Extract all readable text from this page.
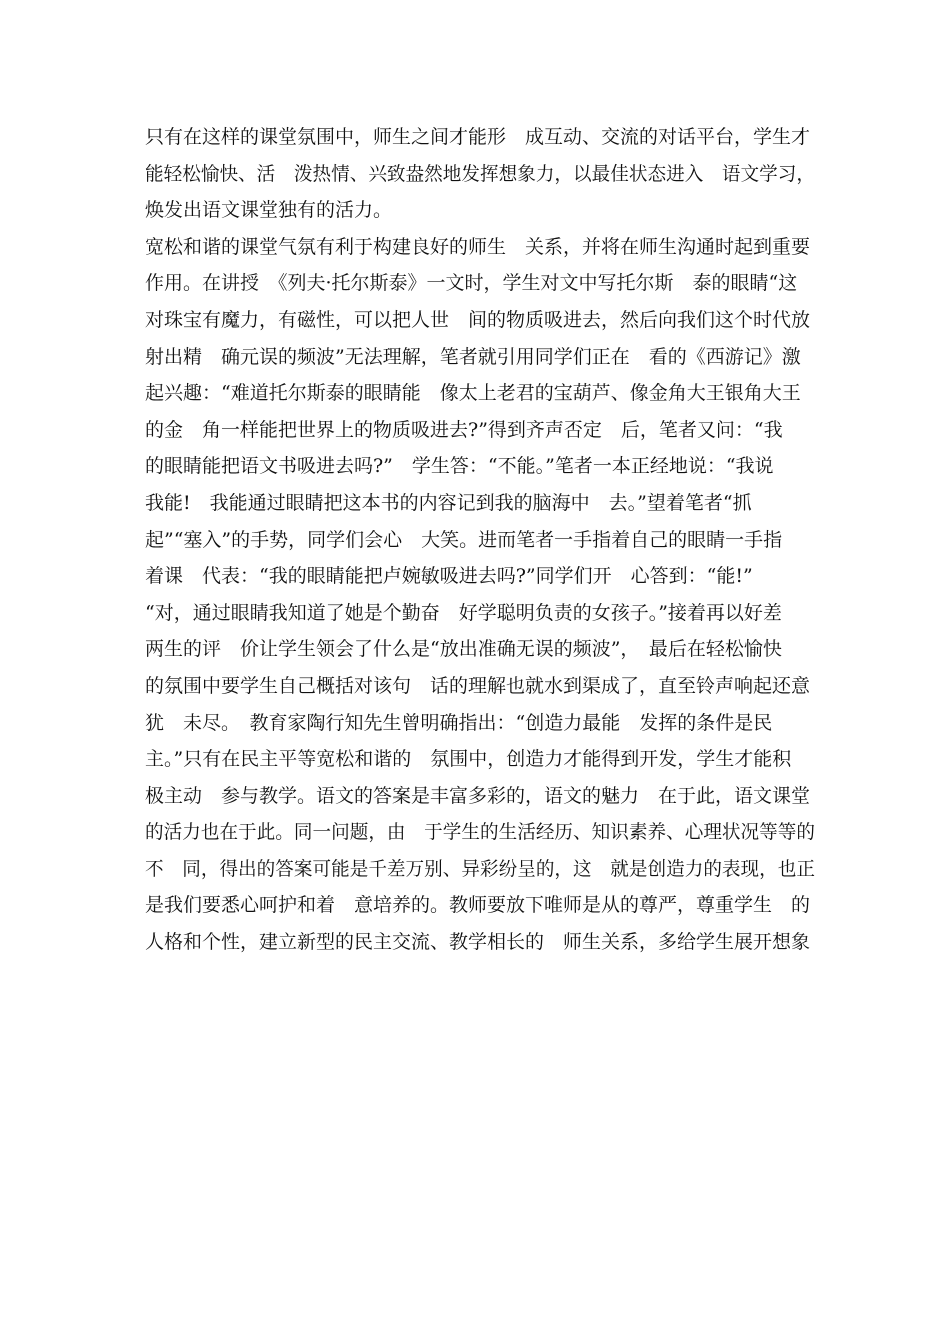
只有在这样的课堂氛围中，师生之间才能形　成互动、交流的对话平台，学生才
能轻松愉快、活　泼热情、兴致盎然地发挥想象力，以最佳状态进入　语文学习，
焕发出语文课堂独有的活力。
宽松和谐的课堂气氛有利于构建良好的师生　关系，并将在师生沟通时起到重要
作用。在讲授　《列夫·托尔斯泰》一文时，学生对文中写托尔斯　泰的眼睛“这
对珠宝有魔力，有磁性，可以把人世　间的物质吸进去，然后向我们这个时代放
射出精　确元误的频波”无法理解，笔者就引用同学们正在　看的《西游记》激
起兴趣：“难道托尔斯泰的眼睛能　像太上老君的宝葫芦、像金角大王银角大王
的金　角一样能把世界上的物质吸进去?”得到齐声否定　后，笔者又问：“我
的眼睛能把语文书吸进去吗?”　学生答：“不能。”笔者一本正经地说：“我说
我能!　我能通过眼睛把这本书的内容记到我的脑海中　去。”望着笔者“抓
起”“塞入”的手势，同学们会心　大笑。进而笔者一手指着自己的眼睛一手指
着课　代表：“我的眼睛能把卢婉敏吸进去吗?”同学们开　心答到：“能!”
“对，通过眼睛我知道了她是个勤奋　好学聪明负责的女孩子。”接着再以好差
两生的评　价让学生领会了什么是“放出准确无误的频波”，　最后在轻松愉快
的氛围中要学生自己概括对该句　话的理解也就水到渠成了，直至铃声响起还意
犹　未尽。　教育家陶行知先生曾明确指出：“创造力最能　发挥的条件是民
主。”只有在民主平等宽松和谐的　氛围中，创造力才能得到开发，学生才能积
极主动　参与教学。语文的答案是丰富多彩的，语文的魅力　在于此，语文课堂
的活力也在于此。同一问题，由　于学生的生活经历、知识素养、心理状况等等的
不　同，得出的答案可能是千差万别、异彩纷呈的，这　就是创造力的表现，也正
是我们要悉心呵护和着　意培养的。教师要放下唯师是从的尊严，尊重学生　的
人格和个性，建立新型的民主交流、教学相长的　师生关系，多给学生展开想象
